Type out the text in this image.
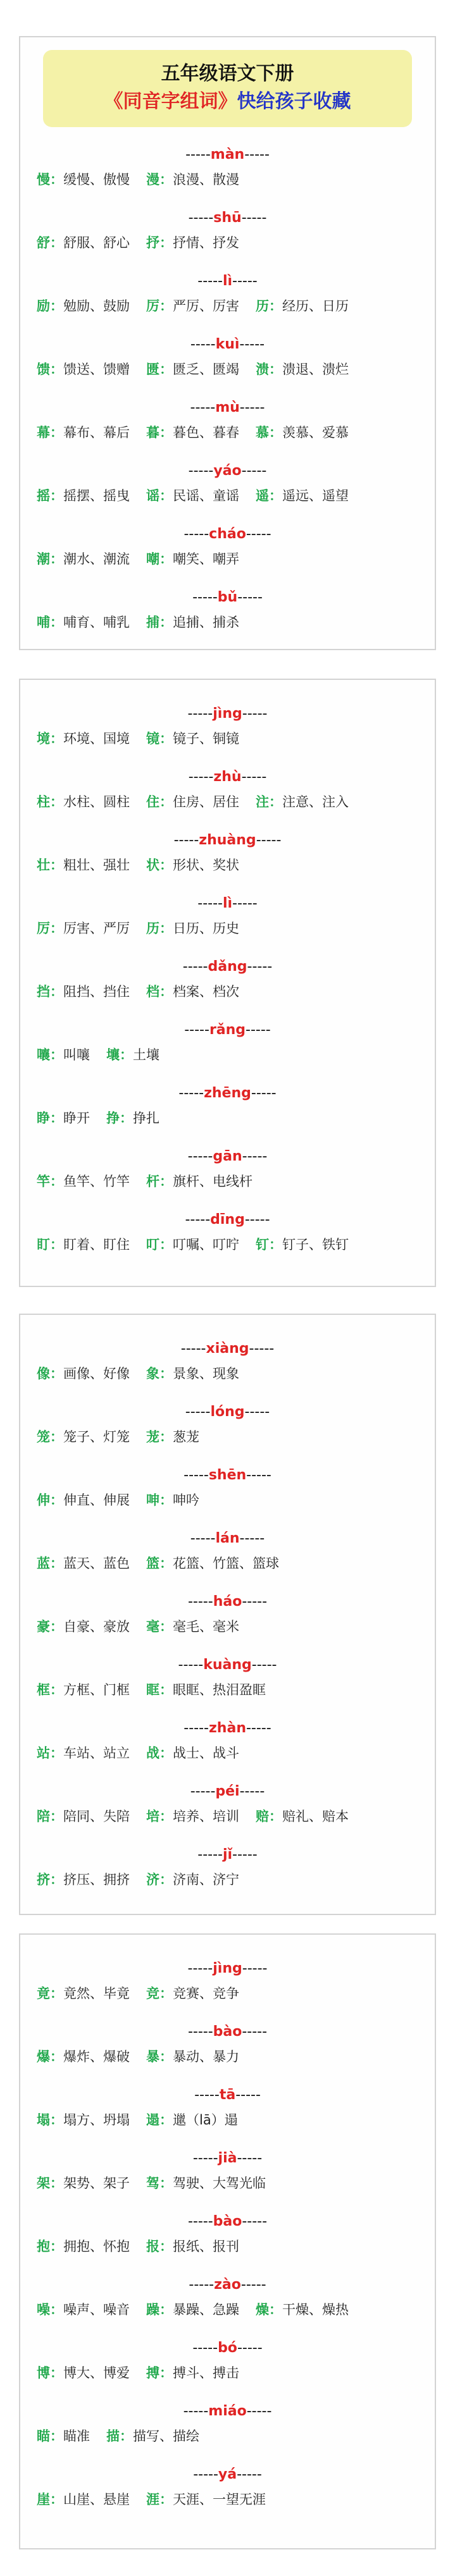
五年级语文下册
《同音字组词》快给孩子收藏
-----màn-----
慢：缓慢、傲慢 漫：浪漫、散漫
-----shū-----
舒：舒服、舒心 抒：抒情、抒发
-----lì-----
励：勉励、鼓励 厉：严厉、厉害 历：经历、日历
-----kuì-----
馈：馈送、馈赠 匮：匮乏、匮竭 溃：溃退、溃烂
-----mù-----
幕：幕布、幕后 暮：暮色、暮春 慕：羡慕、爱慕
-----yáo-----
摇：摇摆、摇曳 谣：民谣、童谣 遥：遥远、遥望
-----cháo-----
潮：潮水、潮流 嘲：嘲笑、嘲弄
-----bǔ-----
哺：哺育、哺乳 捕：追捕、捕杀
-----jìng-----
境：环境、国境 镜：镜子、铜镜
-----zhù-----
柱：水柱、圆柱 住：住房、居住 注：注意、注入
-----zhuàng-----
壮：粗壮、强壮 状：形状、奖状
-----lì-----
厉：厉害、严厉 历：日历、历史
-----dǎng-----
挡：阻挡、挡住 档：档案、档次
-----rǎng-----
嚷：叫嚷 壤：土壤
-----zhēng-----
睁：睁开 挣：挣扎
-----gān-----
竿：鱼竿、竹竿 杆：旗杆、电线杆
-----dīng-----
盯：盯着、盯住 叮：叮嘱、叮咛 钉：钉子、铁钉
-----xiàng-----
像：画像、好像 象：景象、现象
-----lóng-----
笼：笼子、灯笼 茏：葱茏
-----shēn-----
伸：伸直、伸展 呻：呻吟
-----lán-----
蓝：蓝天、蓝色 篮：花篮、竹篮、篮球
-----háo-----
豪：自豪、豪放 毫：毫毛、毫米
-----kuàng-----
框：方框、门框 眶：眼眶、热泪盈眶
-----zhàn-----
站：车站、站立 战：战士、战斗
-----péi-----
陪：陪同、失陪 培：培养、培训 赔：赔礼、赔本
-----jǐ-----
挤：挤压、拥挤 济：济南、济宁
-----jìng-----
竟：竟然、毕竟 竞：竞赛、竞争
-----bào-----
爆：爆炸、爆破 暴：暴动、暴力
-----tā-----
塌：塌方、坍塌 遢：邋（lā）遢
-----jià-----
架：架势、架子 驾：驾驶、大驾光临
-----bào-----
抱：拥抱、怀抱 报：报纸、报刊
-----zào-----
噪：噪声、噪音 躁：暴躁、急躁 燥：干燥、燥热
-----bó-----
博：博大、博爱 搏：搏斗、搏击
-----miáo-----
瞄：瞄准 描：描写、描绘
-----yá-----
崖：山崖、悬崖 涯：天涯、一望无涯
